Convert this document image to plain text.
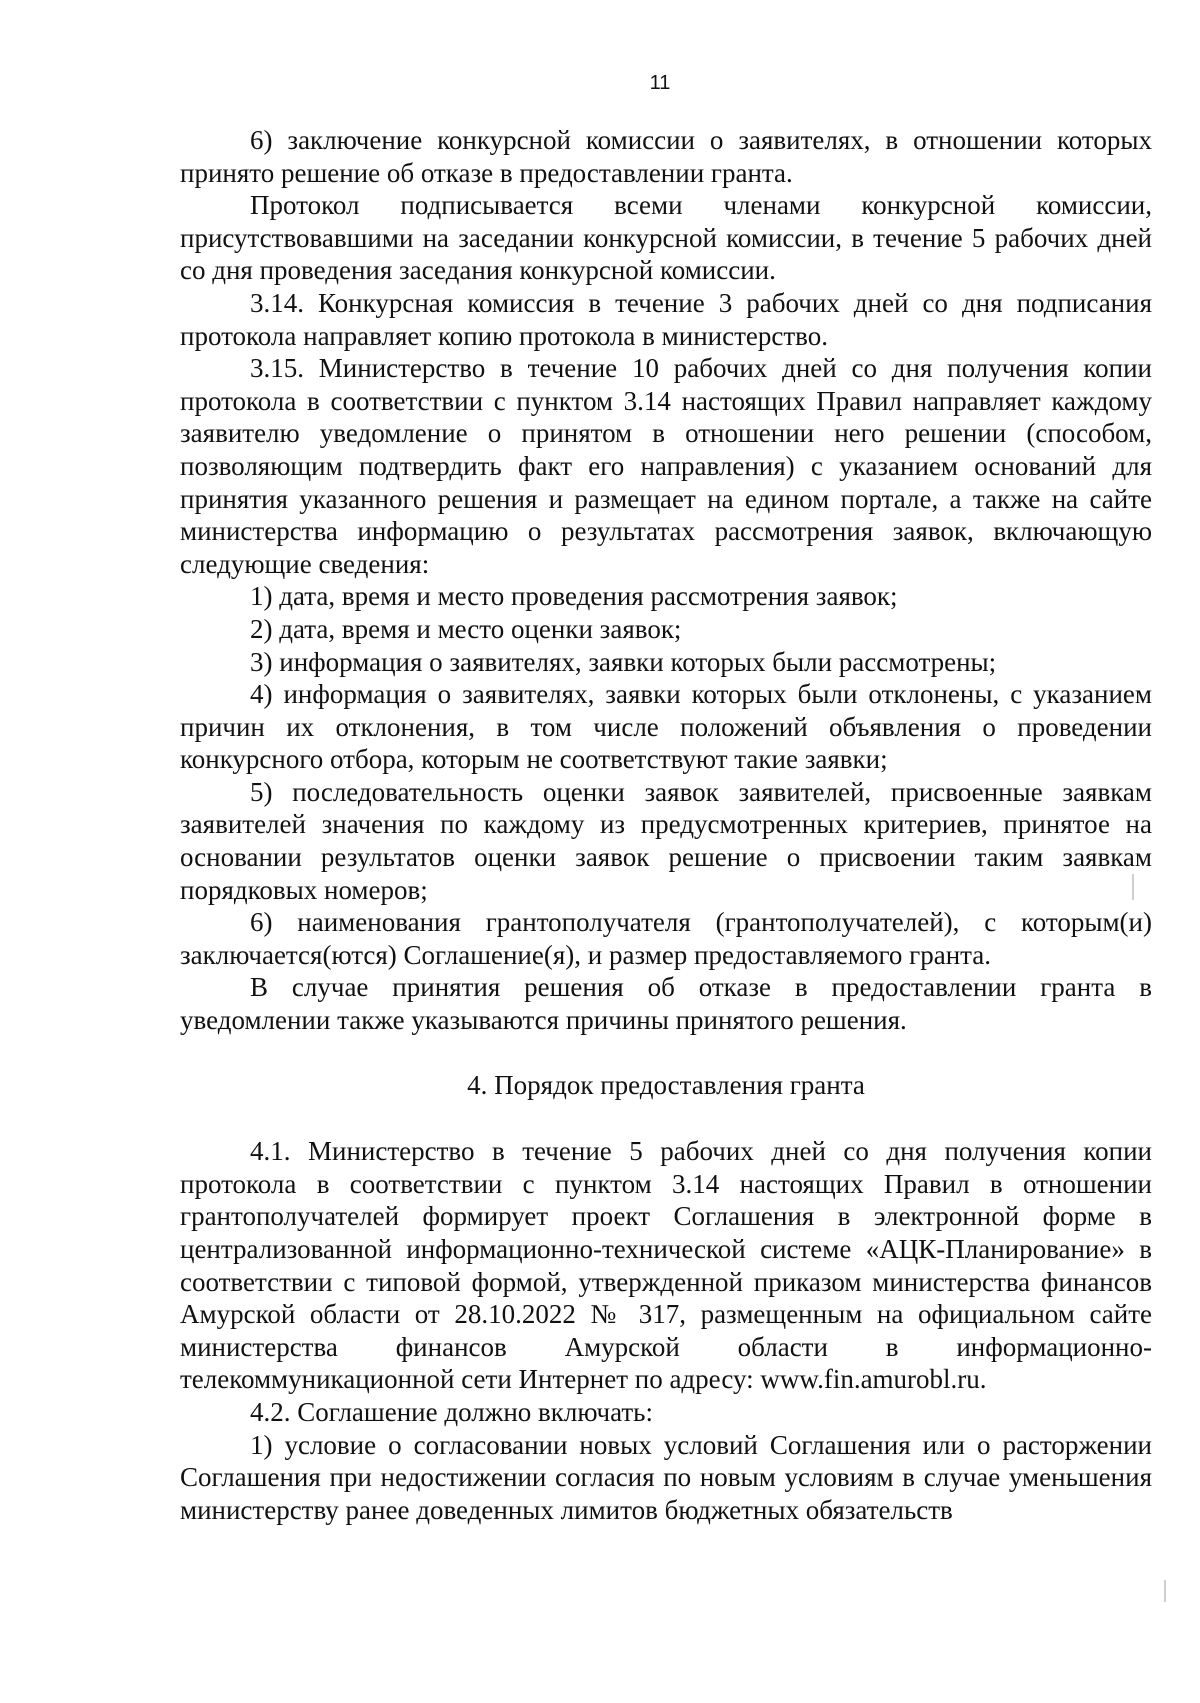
11

6) заключение конкурсной комиссии о заявителях, в отношении которых принято решение об отказе в предоставлении гранта.

Протокол подписывается всеми членами конкурсной комиссии, присутствовавшими на заседании конкурсной комиссии, в течение 5 рабочих дней со дня проведения заседания конкурсной комиссии.

3.14. Конкурсная комиссия в течение 3 рабочих дней со дня подписания протокола направляет копию протокола в министерство.

3.15. Министерство в течение 10 рабочих дней со дня получения копии протокола в соответствии с пунктом 3.14 настоящих Правил направляет каждому заявителю уведомление о принятом в отношении него решении (способом, позволяющим подтвердить факт его направления) с указанием оснований для принятия указанного решения и размещает на едином портале, а также на сайте министерства информацию о результатах рассмотрения заявок, включающую следующие сведения:

1) дата, время и место проведения рассмотрения заявок;

2) дата, время и место оценки заявок;

3) информация о заявителях, заявки которых были рассмотрены;

4) информация о заявителях, заявки которых были отклонены, с указанием причин их отклонения, в том числе положений объявления о проведении конкурсного отбора, которым не соответствуют такие заявки;

5) последовательность оценки заявок заявителей, присвоенные заявкам заявителей значения по каждому из предусмотренных критериев, принятое на основании результатов оценки заявок решение о присвоении таким заявкам порядковых номеров;

6) наименования грантополучателя (грантополучателей), с которым(и) заключается(ются) Соглашение(я), и размер предоставляемого гранта.

В случае принятия решения об отказе в предоставлении гранта в уведомлении также указываются причины принятого решения.

4. Порядок предоставления гранта

4.1. Министерство в течение 5 рабочих дней со дня получения копии протокола в соответствии с пунктом 3.14 настоящих Правил в отношении грантополучателей формирует проект Соглашения в электронной форме в централизованной информационно-технической системе «АЦК-Планирование» в соответствии с типовой формой, утвержденной приказом министерства финансов Амурской области от 28.10.2022 № 317, размещенным на официальном сайте министерства финансов Амурской области в информационно-телекоммуникационной сети Интернет по адресу: www.fin.amurobl.ru.

4.2. Соглашение должно включать:

1) условие о согласовании новых условий Соглашения или о расторжении Соглашения при недостижении согласия по новым условиям в случае уменьшения министерству ранее доведенных лимитов бюджетных обязательств
